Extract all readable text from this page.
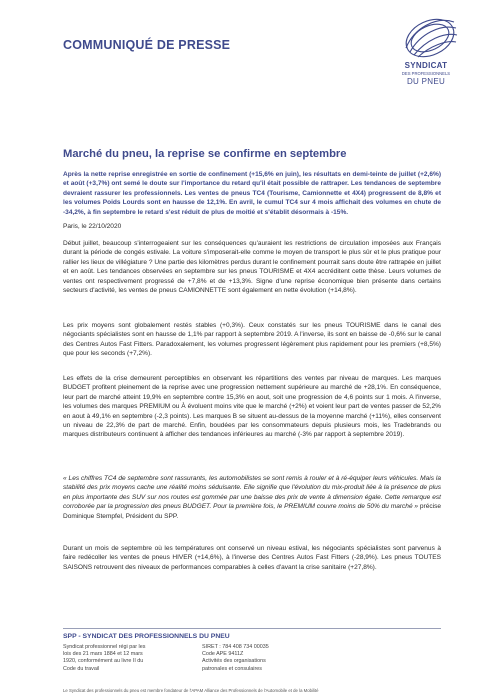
COMMUNIQUÉ DE PRESSE
SYNDICAT
DES PROFESSIONNELS
DU PNEU
Marché du pneu, la reprise se confirme en septembre
Après la nette reprise enregistrée en sortie de confinement (+15,6% en juin), les résultats en demi-teinte de juillet (+2,6%) et août (+3,7%) ont semé le doute sur l'importance du retard qu'il était possible de rattraper. Les tendances de septembre devraient rassurer les professionnels. Les ventes de pneus TC4 (Tourisme, Camionnette et 4X4) progressent de 8,8% et les volumes Poids Lourds sont en hausse de 12,1%. En avril, le cumul TC4 sur 4 mois affichait des volumes en chute de -34,2%, à fin septembre le retard s'est réduit de plus de moitié et s'établit désormais à -15%.
Paris, le 22/10/2020
Début juillet, beaucoup s'interrogeaient sur les conséquences qu'auraient les restrictions de circulation imposées aux Français durant la période de congés estivale. La voiture s'imposerait-elle comme le moyen de transport le plus sûr et le plus pratique pour rallier les lieux de villégiature ? Une partie des kilomètres perdus durant le confinement pourrait sans doute être rattrapée en juillet et en août. Les tendances observées en septembre sur les pneus TOURISME et 4X4 accréditent cette thèse. Leurs volumes de ventes ont respectivement progressé de +7,8% et de +13,3%. Signe d'une reprise économique bien présente dans certains secteurs d'activité, les ventes de pneus CAMIONNETTE sont également en nette évolution (+14,8%).
Les prix moyens sont globalement restés stables (+0,3%). Ceux constatés sur les pneus TOURISME dans le canal des négociants spécialistes sont en hausse de 1,1% par rapport à septembre 2019. A l'inverse, ils sont en baisse de -0,6% sur le canal des Centres Autos Fast Fitters. Paradoxalement, les volumes progressent légèrement plus rapidement pour les premiers (+8,5%) que pour les seconds (+7,2%).
Les effets de la crise demeurent perceptibles en observant les répartitions des ventes par niveau de marques. Les marques BUDGET profitent pleinement de la reprise avec une progression nettement supérieure au marché de +28,1%. En conséquence, leur part de marché atteint 19,9% en septembre contre 15,3% en aout, soit une progression de 4,6 points sur 1 mois. A l'inverse, les volumes des marques PREMIUM ou À évoluent moins vite que le marché (+2%) et voient leur part de ventes passer de 52,2% en aout à 49,1% en septembre (-2,3 points). Les marques B se situent au-dessus de la moyenne marché (+11%), elles conservent un niveau de 22,3% de part de marché. Enfin, boudées par les consommateurs depuis plusieurs mois, les Tradebrands ou marques distributeurs continuent à afficher des tendances inférieures au marché (-3% par rapport à septembre 2019).
« Les chiffres TC4 de septembre sont rassurants, les automobilistes se sont remis à rouler et à ré-équiper leurs véhicules. Mais la stabilité des prix moyens cache une réalité moins séduisante. Elle signifie que l'évolution du mix-produit liée à la présence de plus en plus importante des SUV sur nos routes est gommée par une baisse des prix de vente à dimension égale. Cette remarque est corroborée par la progression des pneus BUDGET. Pour la première fois, le PREMIUM couvre moins de 50% du marché » précise Dominique Stempfel, Président du SPP.
Durant un mois de septembre où les températures ont conservé un niveau estival, les négociants spécialistes sont parvenus à faire redécoller les ventes de pneus HIVER (+14,6%), à l'inverse des Centres Autos Fast Fitters (-28,9%). Les pneus TOUTES SAISONS retrouvent des niveaux de performances comparables à celles d'avant la crise sanitaire (+27,8%).
SPP - SYNDICAT DES PROFESSIONNELS DU PNEU
Syndicat professionnel régi par les
lois des 21 mars 1884 et 12 mars
1920, conformément au livre II du
Code du travail
SIRET : 784 408 734 00035
Code APE 9411Z
Activités des organisations
patronales et consulaires
Le Syndicat des professionnels du pneu est membre fondateur de l'APAM Alliance des Professionnels de l'Automobile et de la Mobilité
